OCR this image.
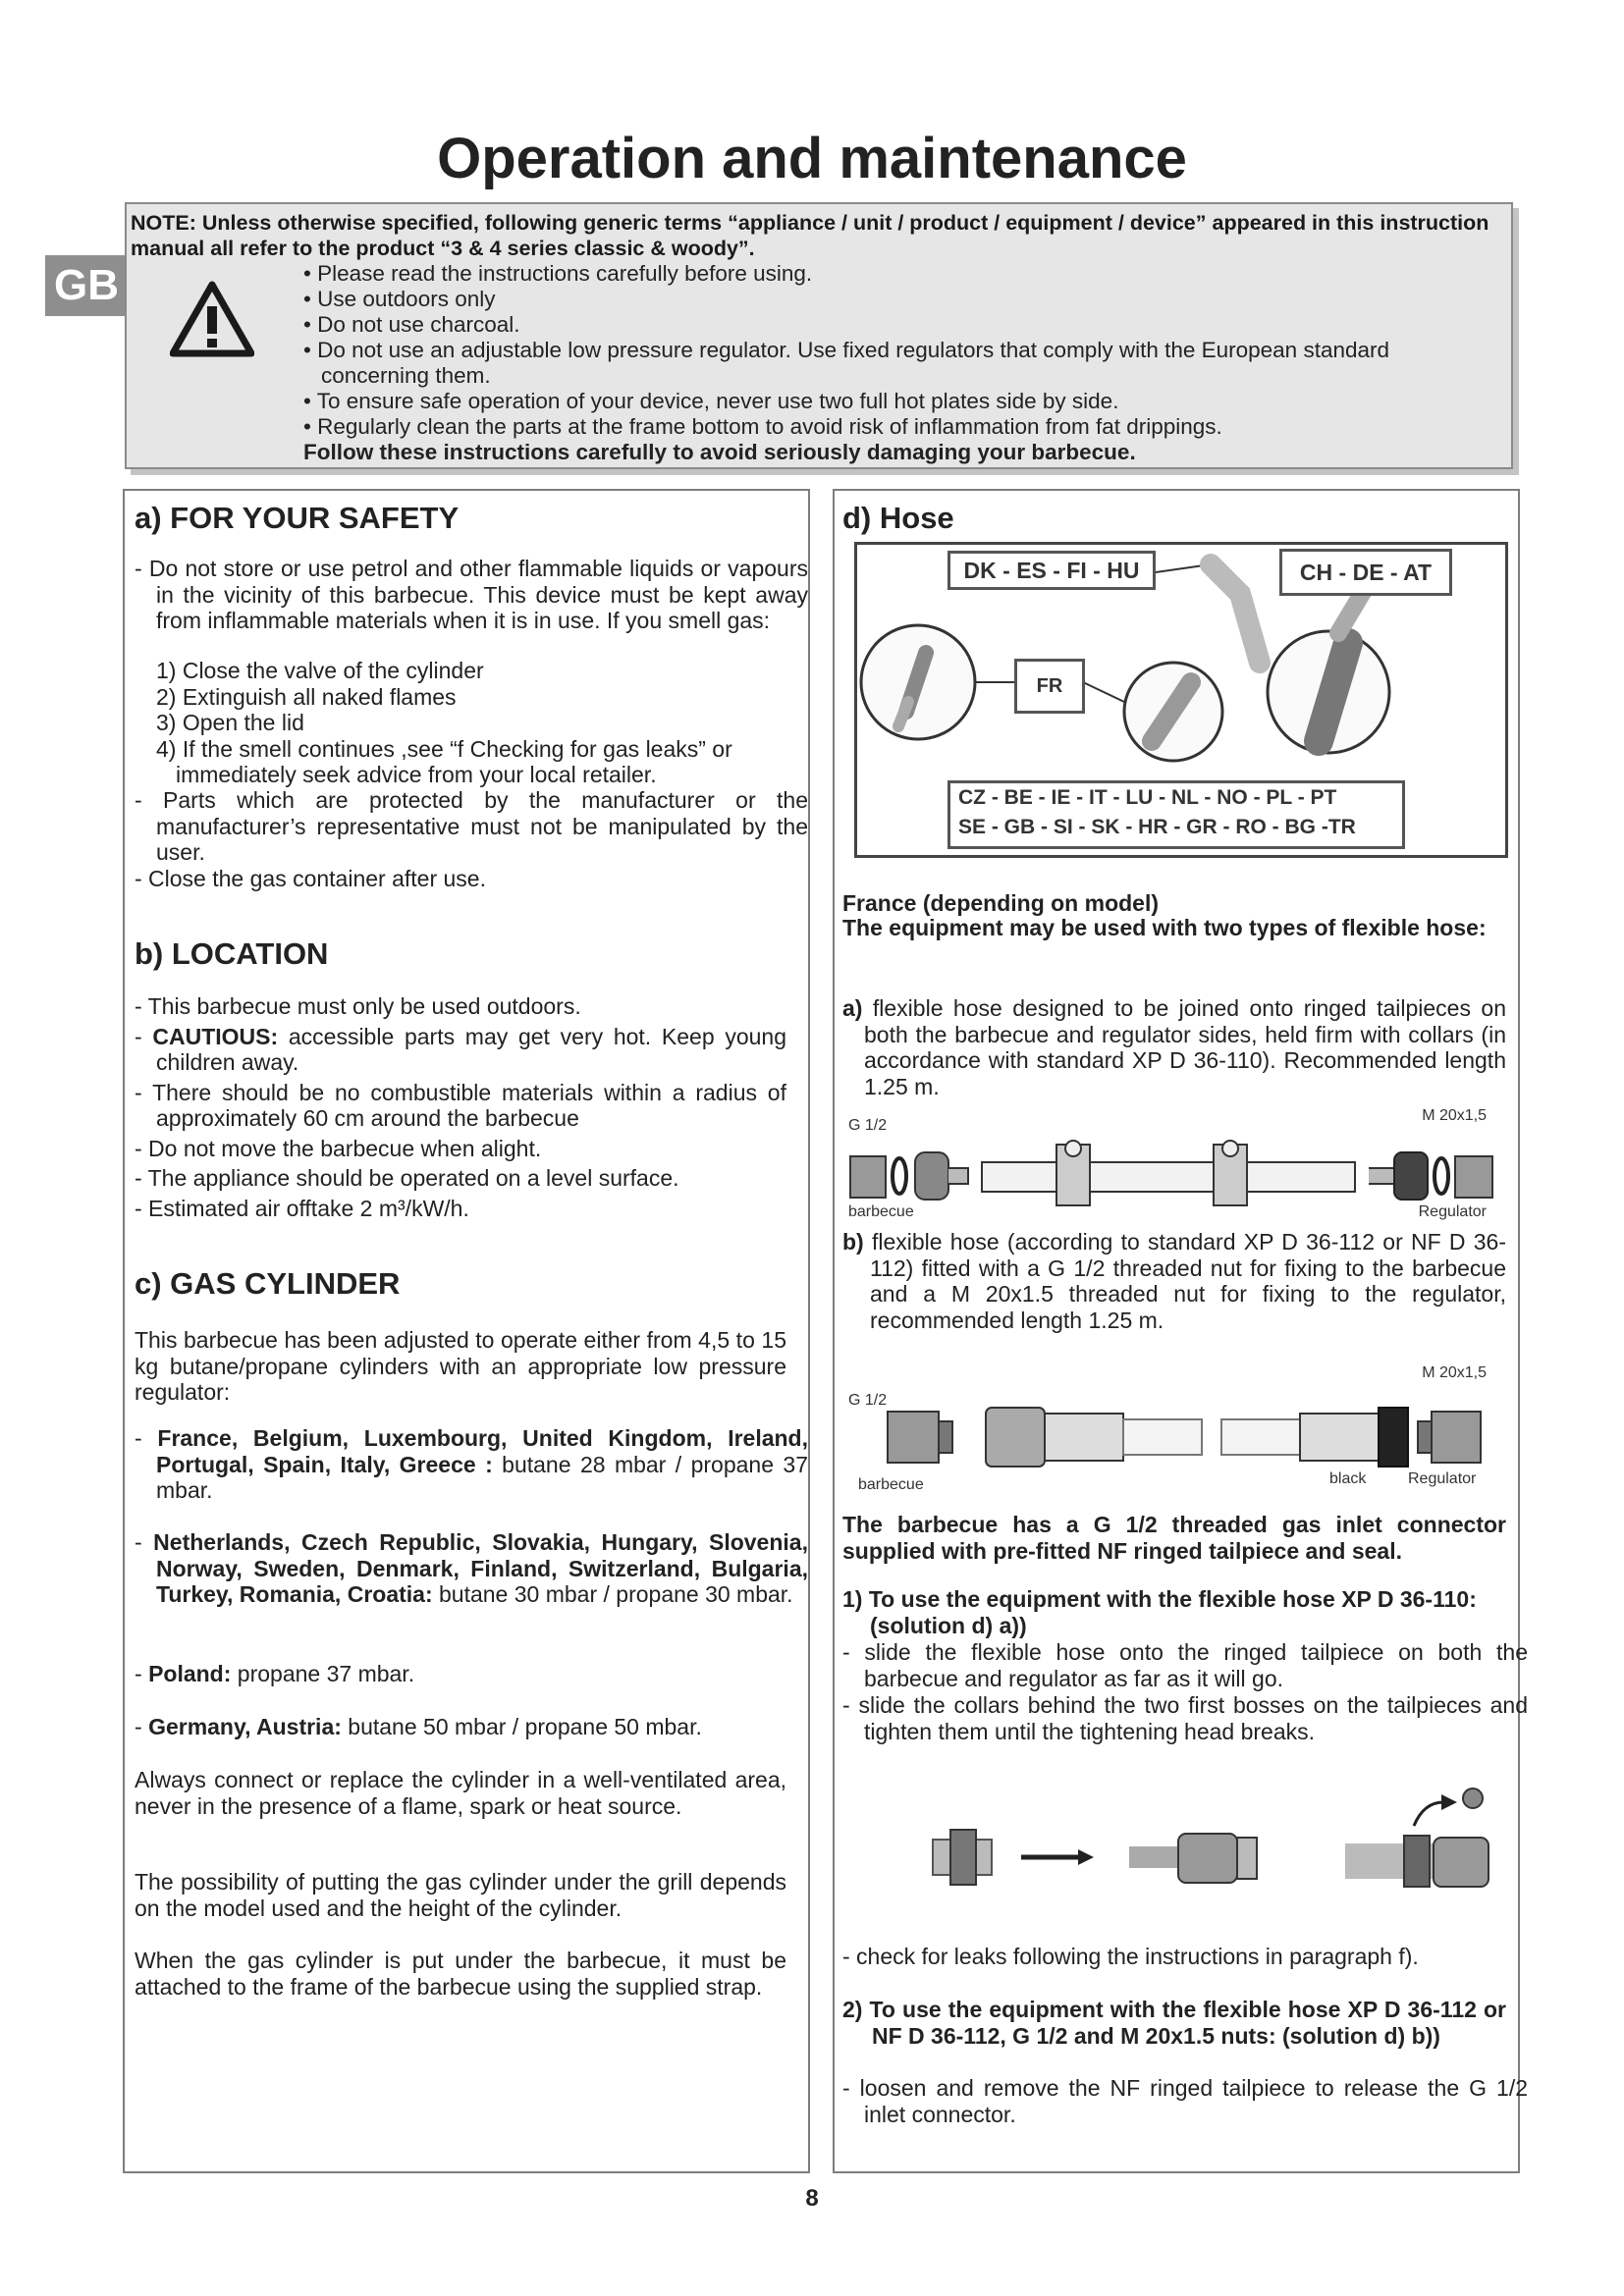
Operation and maintenance
GB
NOTE: Unless otherwise specified, following generic terms “appliance / unit / product / equipment / device” appeared in this instruction manual all refer to the product “3 & 4 series classic & woody”.
• Please read the instructions carefully before using.
• Use outdoors only
• Do not use charcoal.
• Do not use an adjustable low pressure regulator. Use fixed regulators that comply with the European standard concerning them.
• To ensure safe operation of your device, never use two full hot plates side by side.
• Regularly clean the parts at the frame bottom to avoid risk of inflammation from fat drippings.
Follow these instructions carefully to avoid seriously damaging your barbecue.
a) FOR YOUR SAFETY
- Do not store or use petrol and other flammable liquids or vapours in the vicinity of this barbecue. This device must be kept away from inflammable materials when it is in use. If you smell gas:
1) Close the valve of the cylinder
2) Extinguish all naked flames
3) Open the lid
4) If the smell continues ,see “f Checking for gas leaks” or immediately seek advice from your local retailer.
- Parts which are protected by the manufacturer or the manufacturer’s representative must not be manipulated by the user.
- Close the gas container after use.
b) LOCATION
- This barbecue must only be used outdoors.
- CAUTIOUS: accessible parts may get very hot. Keep young children away.
- There should be no combustible materials within a radius of approximately 60 cm around the barbecue
- Do not move the barbecue when alight.
- The appliance should be operated on a level surface.
- Estimated air offtake 2 m³/kW/h.
c) GAS CYLINDER
This barbecue has been adjusted to operate either from 4,5 to 15 kg butane/propane cylinders with an appropriate low pressure regulator:
- France, Belgium, Luxembourg, United Kingdom, Ireland, Portugal, Spain, Italy, Greece : butane 28 mbar / propane 37 mbar.
- Netherlands, Czech Republic, Slovakia, Hungary, Slovenia, Norway, Sweden, Denmark, Finland, Switzerland, Bulgaria, Turkey, Romania, Croatia: butane 30 mbar / propane 30 mbar.
- Poland: propane 37 mbar.
- Germany, Austria: butane 50 mbar / propane 50 mbar.
Always connect or replace the cylinder in a well-ventilated area, never in the presence of a flame, spark or heat source.
The possibility of putting the gas cylinder under the grill depends on the model used and the height of the cylinder.
When the gas cylinder is put under the barbecue, it must be attached to the frame of the barbecue using the supplied strap.
d) Hose
DK - ES - FI - HU	CH - DE - AT
FR
CZ - BE - IE - IT - LU - NL - NO - PL - PT
SE - GB - SI - SK - HR - GR - RO - BG -TR
France (depending on model)
The equipment may be used with two types of flexible hose:
a) flexible hose designed to be joined onto ringed tailpieces on both the barbecue and regulator sides, held firm with collars (in accordance with standard XP D 36-110). Recommended length 1.25 m.
G 1/2
M 20x1,5
barbecue	Regulator
b) flexible hose (according to standard XP D 36-112 or NF D 36-112) fitted with a G 1/2 threaded nut for fixing to the barbecue and a M 20x1.5 threaded nut for fixing to the regulator, recommended length 1.25 m.
M 20x1,5
G 1/2
barbecue	black	Regulator
The barbecue has a G 1/2 threaded gas inlet connector supplied with pre-fitted NF ringed tailpiece and seal.
1) To use the equipment with the flexible hose XP D 36-110: (solution d) a))
- slide the flexible hose onto the ringed tailpiece on both the barbecue and regulator as far as it will go.
- slide the collars behind the two first bosses on the tailpieces and tighten them until the tightening head breaks.
- check for leaks following the instructions in paragraph f).
2) To use the equipment with the flexible hose XP D 36-112 or NF D 36-112, G 1/2 and M 20x1.5 nuts: (solution d) b))
- loosen and remove the NF ringed tailpiece to release the G 1/2 inlet connector.
8
